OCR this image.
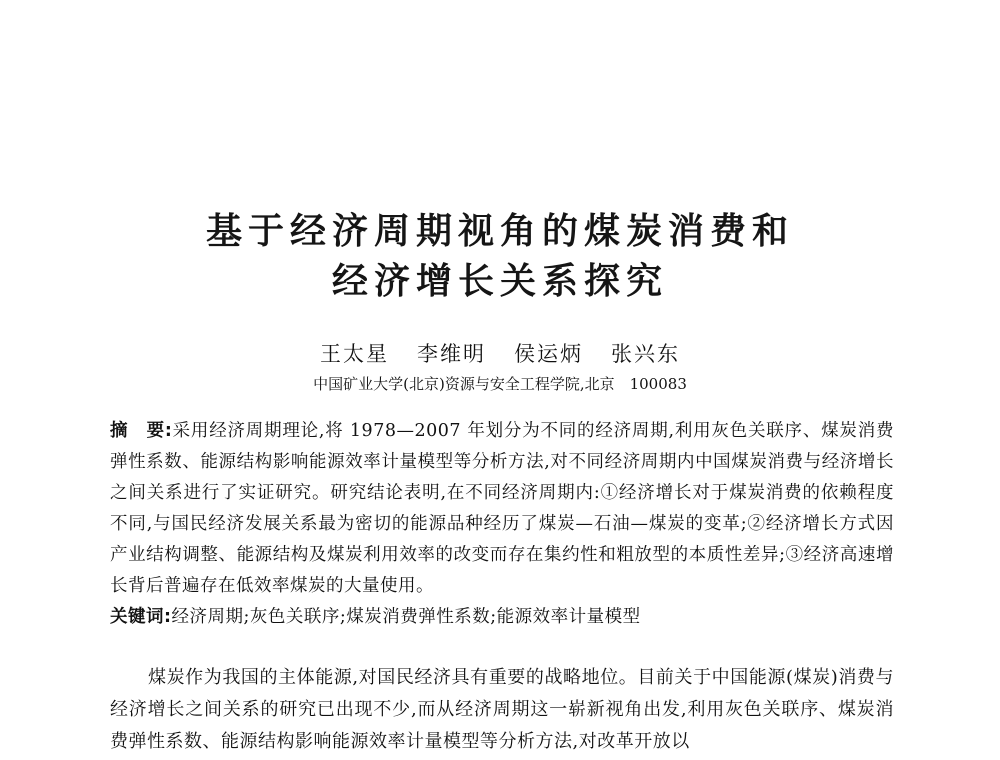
基于经济周期视角的煤炭消费和
经济增长关系探究
王太星 李维明 侯运炳 张兴东
中国矿业大学(北京)资源与安全工程学院,北京　100083
摘　要:采用经济周期理论,将 1978—2007 年划分为不同的经济周期,利用灰色关联序、煤炭消费弹性系数、能源结构影响能源效率计量模型等分析方法,对不同经济周期内中国煤炭消费与经济增长之间关系进行了实证研究。研究结论表明,在不同经济周期内:①经济增长对于煤炭消费的依赖程度不同,与国民经济发展关系最为密切的能源品种经历了煤炭—石油—煤炭的变革;②经济增长方式因产业结构调整、能源结构及煤炭利用效率的改变而存在集约性和粗放型的本质性差异;③经济高速增长背后普遍存在低效率煤炭的大量使用。
关键词:经济周期;灰色关联序;煤炭消费弹性系数;能源效率计量模型
煤炭作为我国的主体能源,对国民经济具有重要的战略地位。目前关于中国能源(煤炭)消费与经济增长之间关系的研究已出现不少,而从经济周期这一崭新视角出发,利用灰色关联序、煤炭消费弹性系数、能源结构影响能源效率计量模型等分析方法,对改革开放以
